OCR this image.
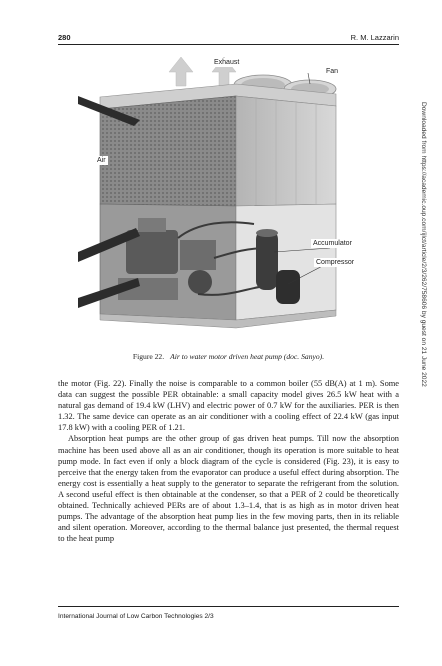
280	R. M. Lazzarin
Exhaust
Fan
Air
Accumulator
Compressor
Figure 22. Air to water motor driven heat pump (doc. Sanyo).

the motor (Fig. 22). Finally the noise is comparable to a common boiler (55 dB(A) at 1 m). Some data can suggest the possible PER obtainable: a small capacity model gives 26.5 kW heat with a natural gas demand of 19.4 kW (LHV) and electric power of 0.7 kW for the auxiliaries. PER is then 1.32. The same device can operate as an air conditioner with a cooling effect of 22.4 kW (gas input 17.8 kW) with a cooling PER of 1.21.

Absorption heat pumps are the other group of gas driven heat pumps. Till now the absorption machine has been used above all as an air conditioner, though its operation is more suitable to heat pump mode. In fact even if only a block diagram of the cycle is considered (Fig. 23), it is easy to perceive that the energy taken from the evaporator can produce a useful effect during absorption. The energy cost is essentially a heat supply to the generator to separate the refrigerant from the solution. A second useful effect is then obtainable at the condenser, so that a PER of 2 could be theoretically obtained. Technically achieved PERs are of about 1.3–1.4, that is as high as in motor driven heat pumps. The advantage of the absorption heat pump lies in the few moving parts, then in its reliable and silent operation. Moreover, according to the thermal balance just presented, the thermal request to the heat pump

International Journal of Low Carbon Technologies 2/3
Downloaded from https://academic.oup.com/ijlct/article/2/3/262/758606 by guest on 21 June 2022
